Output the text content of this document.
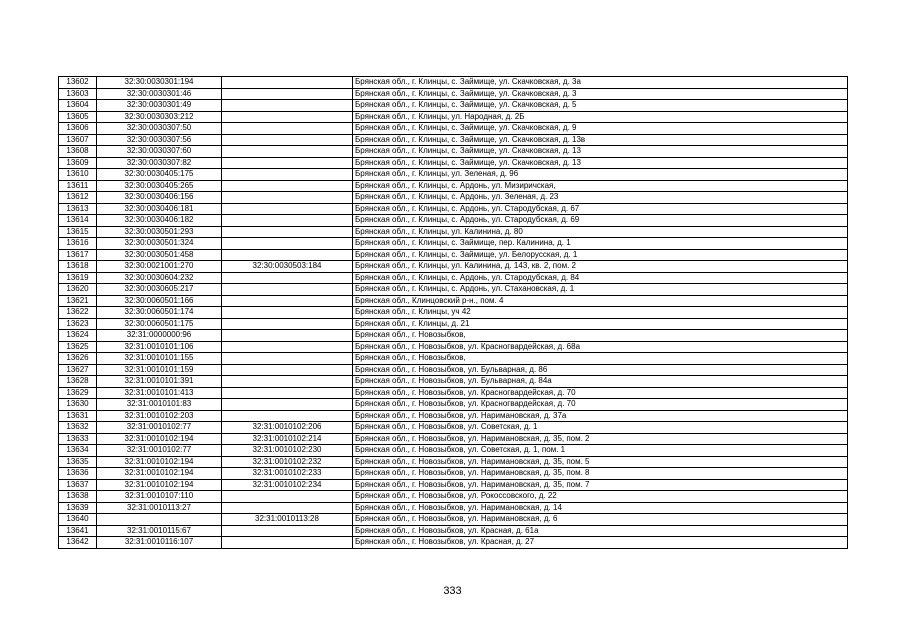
13602	32:30:0030301:194		Брянская обл., г. Клинцы, с. Займище, ул. Скачковская, д. 3а
13603	32:30:0030301:46		Брянская обл., г. Клинцы, с. Займище, ул. Скачковская, д. 3
13604	32:30:0030301:49		Брянская обл., г. Клинцы, с. Займище, ул. Скачковская, д. 5
13605	32:30:0030303:212		Брянская обл., г. Клинцы, ул. Народная, д. 2Б
13606	32:30:0030307:50		Брянская обл., г. Клинцы, с. Займище, ул. Скачковская, д. 9
13607	32:30:0030307:56		Брянская обл., г. Клинцы, с. Займище, ул. Скачковская, д. 13в
13608	32:30:0030307:60		Брянская обл., г. Клинцы, с. Займище, ул. Скачковская, д. 13
13609	32:30:0030307:82		Брянская обл., г. Клинцы, с. Займище, ул. Скачковская, д. 13
13610	32:30:0030405:175		Брянская обл., г. Клинцы, ул. Зеленая, д. 96
13611	32:30:0030405:265		Брянская обл., г. Клинцы, с. Ардонь, ул. Мизиричская,
13612	32:30:0030406:156		Брянская обл., г. Клинцы, с. Ардонь, ул. Зеленая, д. 23
13613	32:30:0030406:181		Брянская обл., г. Клинцы, с. Ардонь, ул. Стародубская, д. 67
13614	32:30:0030406:182		Брянская обл., г. Клинцы, с. Ардонь, ул. Стародубская, д. 69
13615	32:30:0030501:293		Брянская обл., г. Клинцы, ул. Калинина, д. 80
13616	32:30:0030501:324		Брянская обл., г. Клинцы, с. Займище, пер. Калинина, д. 1
13617	32:30:0030501:458		Брянская обл., г. Клинцы, с. Займище, ул. Белорусская, д. 1
13618	32:30:0021001:270	32:30:0030503:184	Брянская обл., г. Клинцы, ул. Калинина, д. 143, кв. 2, пом. 2
13619	32:30:0030604:232		Брянская обл., г. Клинцы, с. Ардонь, ул. Стародубская, д. 84
13620	32:30:0030605:217		Брянская обл., г. Клинцы, с. Ардонь, ул. Стахановская, д. 1
13621	32:30:0060501:166		Брянская обл., Клинцовский р-н., пом. 4
13622	32:30:0060501:174		Брянская обл., г. Клинцы, уч 42
13623	32:30:0060501:175		Брянская обл., г. Клинцы, д. 21
13624	32:31:0000000:96		Брянская обл., г. Новозыбков,
13625	32:31:0010101:106		Брянская обл., г. Новозыбков, ул. Красногвардейская, д. 68а
13626	32:31:0010101:155		Брянская обл., г. Новозыбков,
13627	32:31:0010101:159		Брянская обл., г. Новозыбков, ул. Бульварная, д. 86
13628	32:31:0010101:391		Брянская обл., г. Новозыбков, ул. Бульварная, д. 84а
13629	32:31:0010101:413		Брянская обл., г. Новозыбков, ул. Красногвардейская, д. 70
13630	32:31:0010101:83		Брянская обл., г. Новозыбков, ул. Красногвардейская, д. 70
13631	32:31:0010102:203		Брянская обл., г. Новозыбков, ул. Наримановская, д. 37а
13632	32:31:0010102:77	32:31:0010102:206	Брянская обл., г. Новозыбков, ул. Советская, д. 1
13633	32:31:0010102:194	32:31:0010102:214	Брянская обл., г. Новозыбков, ул. Наримановская, д. 35, пом. 2
13634	32:31:0010102:77	32:31:0010102:230	Брянская обл., г. Новозыбков, ул. Советская, д. 1, пом. 1
13635	32:31:0010102:194	32:31:0010102:232	Брянская обл., г. Новозыбков, ул. Наримановская, д. 35, пом. 5
13636	32:31:0010102:194	32:31:0010102:233	Брянская обл., г. Новозыбков, ул. Наримановская, д. 35, пом. 8
13637	32:31:0010102:194	32:31:0010102:234	Брянская обл., г. Новозыбков, ул. Наримановская, д. 35, пом. 7
13638	32:31:0010107:110		Брянская обл., г. Новозыбков, ул. Рокоссовского, д. 22
13639	32:31:0010113:27		Брянская обл., г. Новозыбков, ул. Наримановская, д. 14
13640		32:31:0010113:28	Брянская обл., г. Новозыбков, ул. Наримановская, д. 6
13641	32:31:0010115:67		Брянская обл., г. Новозыбков, ул. Красная, д. 61а
13642	32:31:0010116:107		Брянская обл., г. Новозыбков, ул. Красная, д. 27
333
